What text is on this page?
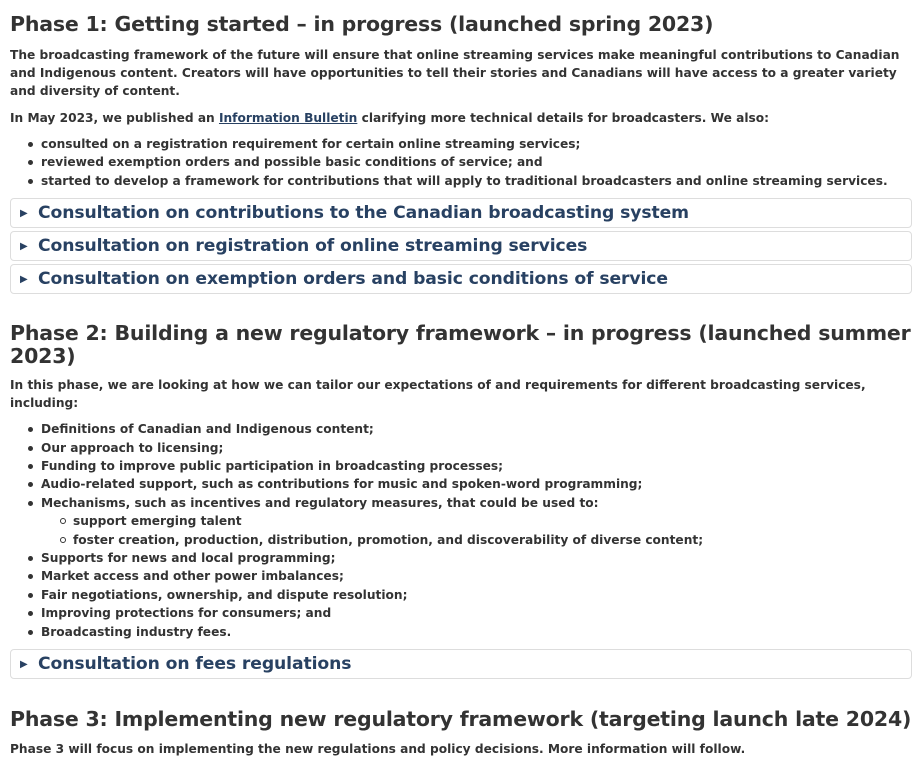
Phase 1: Getting started – in progress (launched spring 2023)

The broadcasting framework of the future will ensure that online streaming services make meaningful contributions to Canadian and Indigenous content. Creators will have opportunities to tell their stories and Canadians will have access to a greater variety and diversity of content.

In May 2023, we published an Information Bulletin clarifying more technical details for broadcasters. We also:

consulted on a registration requirement for certain online streaming services;
reviewed exemption orders and possible basic conditions of service; and
started to develop a framework for contributions that will apply to traditional broadcasters and online streaming services.
▶ Consultation on contributions to the Canadian broadcasting system
▶ Consultation on registration of online streaming services
▶ Consultation on exemption orders and basic conditions of service
Phase 2: Building a new regulatory framework – in progress (launched summer 2023)

In this phase, we are looking at how we can tailor our expectations of and requirements for different broadcasting services, including:

Definitions of Canadian and Indigenous content;
Our approach to licensing;
Funding to improve public participation in broadcasting processes;
Audio-related support, such as contributions for music and spoken-word programming;
Mechanisms, such as incentives and regulatory measures, that could be used to:
support emerging talent
foster creation, production, distribution, promotion, and discoverability of diverse content;
Supports for news and local programming;
Market access and other power imbalances;
Fair negotiations, ownership, and dispute resolution;
Improving protections for consumers; and
Broadcasting industry fees.
▶ Consultation on fees regulations
Phase 3: Implementing new regulatory framework (targeting launch late 2024)

Phase 3 will focus on implementing the new regulations and policy decisions. More information will follow.
